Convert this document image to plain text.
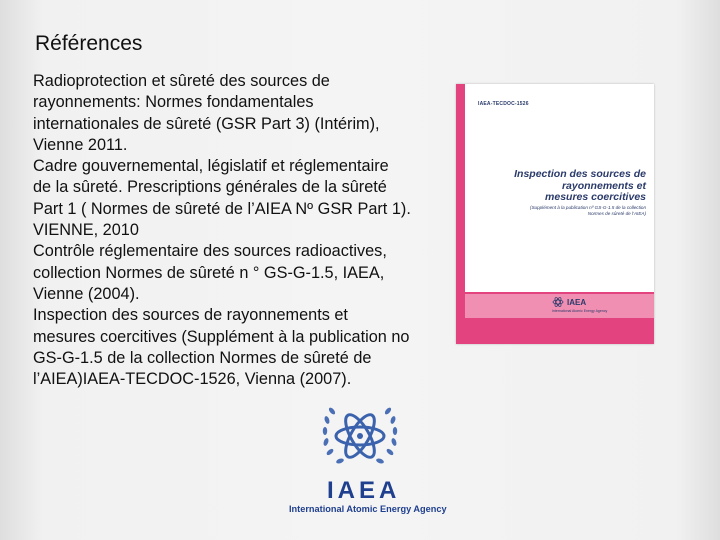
Références
Radioprotection et sûreté des sources de
rayonnements: Normes fondamentales
internationales de sûreté (GSR Part 3) (Intérim),
Vienne 2011.
Cadre gouvernemental, législatif et réglementaire
de la sûreté. Prescriptions générales de la sûreté
Part 1 ( Normes de sûreté de l’AIEA Nº GSR Part 1).
VIENNE, 2010
Contrôle réglementaire des sources radioactives,
collection Normes de sûreté n ° GS-G-1.5, IAEA,
Vienne (2004).
Inspection des sources de rayonnements et
mesures coercitives (Supplément à la publication no
GS-G-1.5 de la collection Normes de sûreté de
l’AIEA)IAEA-TECDOC-1526, Vienna (2007).
IAEA-TECDOC-1526
Inspection des sources de
rayonnements et
mesures coercitives
(Supplément à la publication nº GS-G-1.5 de la collection
Normes de sûreté de l’AIEA)
IAEA
International Atomic Energy Agency
IAEA
International Atomic Energy Agency
